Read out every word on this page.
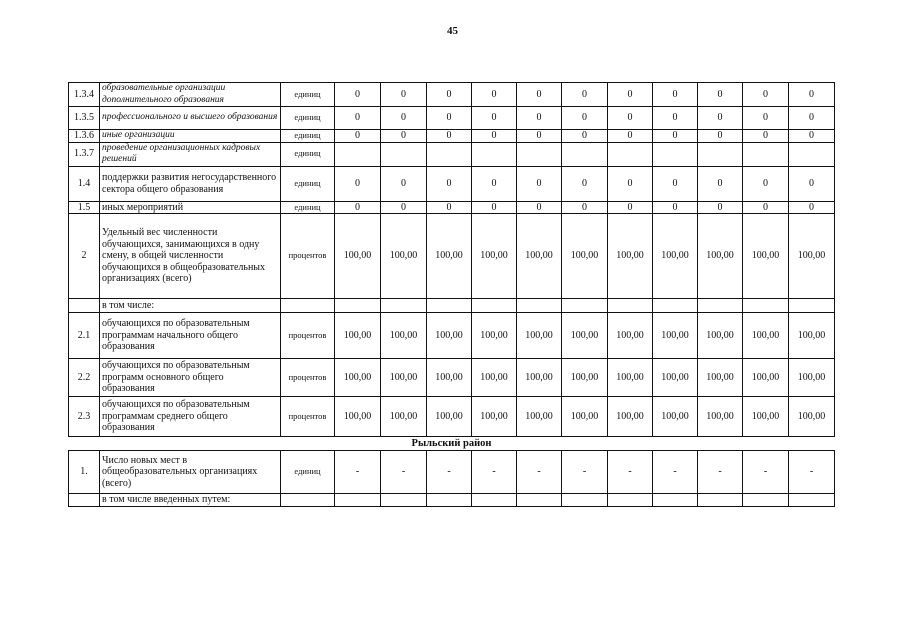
45
1.3.4	образовательные организации дополнительного образования	единиц	0	0	0	0	0	0	0	0	0	0	0
1.3.5	профессионального и высшего образования	единиц	0	0	0	0	0	0	0	0	0	0	0
1.3.6	иные организации	единиц	0	0	0	0	0	0	0	0	0	0	0
1.3.7	проведение организационных кадровых решений	единиц											
1.4	поддержки развития негосударственного сектора общего образования	единиц	0	0	0	0	0	0	0	0	0	0	0
1.5	иных мероприятий	единиц	0	0	0	0	0	0	0	0	0	0	0
2	Удельный вес численности обучающихся, занимающихся в одну смену, в общей численности обучающихся в общеобразовательных организациях (всего)	процентов	100,00	100,00	100,00	100,00	100,00	100,00	100,00	100,00	100,00	100,00	100,00
	в том числе:												
2.1	обучающихся по образовательным программам начального общего образования	процентов	100,00	100,00	100,00	100,00	100,00	100,00	100,00	100,00	100,00	100,00	100,00
2.2	обучающихся по образовательным программ основного общего образования	процентов	100,00	100,00	100,00	100,00	100,00	100,00	100,00	100,00	100,00	100,00	100,00
2.3	обучающихся по образовательным программам среднего общего образования	процентов	100,00	100,00	100,00	100,00	100,00	100,00	100,00	100,00	100,00	100,00	100,00
Рыльский район													
1.	Число новых мест в общеобразовательных организациях (всего)	единиц	-	-	-	-	-	-	-	-	-	-	-
	в том числе введенных путем:												
